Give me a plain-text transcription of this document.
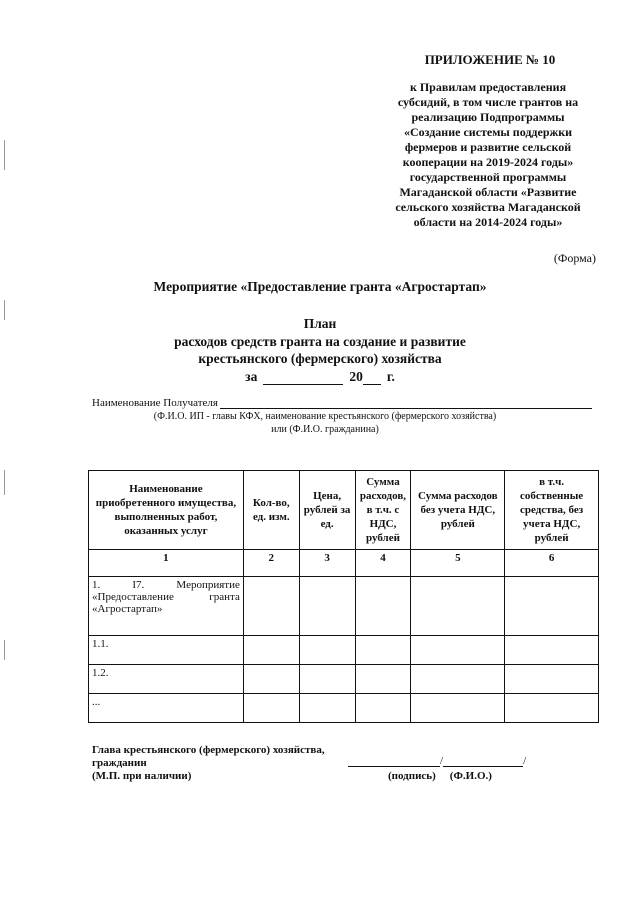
ПРИЛОЖЕНИЕ № 10
к Правилам предоставления
субсидий, в том числе грантов на
реализацию Подпрограммы
«Создание системы поддержки
фермеров и развитие сельской
кооперации на 2019-2024 годы»
государственной программы
Магаданской области «Развитие
сельского хозяйства Магаданской
области на 2014-2024 годы»
(Форма)
Мероприятие «Предоставление гранта «Агростартап»
План
расходов средств гранта на создание и развитие
крестьянского (фермерского) хозяйства
за	20 г.
Наименование Получателя
(Ф.И.О. ИП - главы КФХ, наименование крестьянского (фермерского хозяйства)
или (Ф.И.О. гражданина)
Наименование приобретенного имущества, выполненных работ, оказанных услуг	Кол-во, ед. изм.	Цена, рублей за ед.	Сумма расходов, в т.ч. с НДС, рублей	Сумма расходов без учета НДС, рублей	в т.ч. собственные средства, без учета НДС, рублей
1	2	3	4	5	6
1. I7. Мероприятие «Предоставление гранта «Агростартап»					
1.1.					
1.2.					
...					
Глава крестьянского (фермерского) хозяйства,
гражданин
(М.П. при наличии)
/	/
(подпись) (Ф.И.О.)
